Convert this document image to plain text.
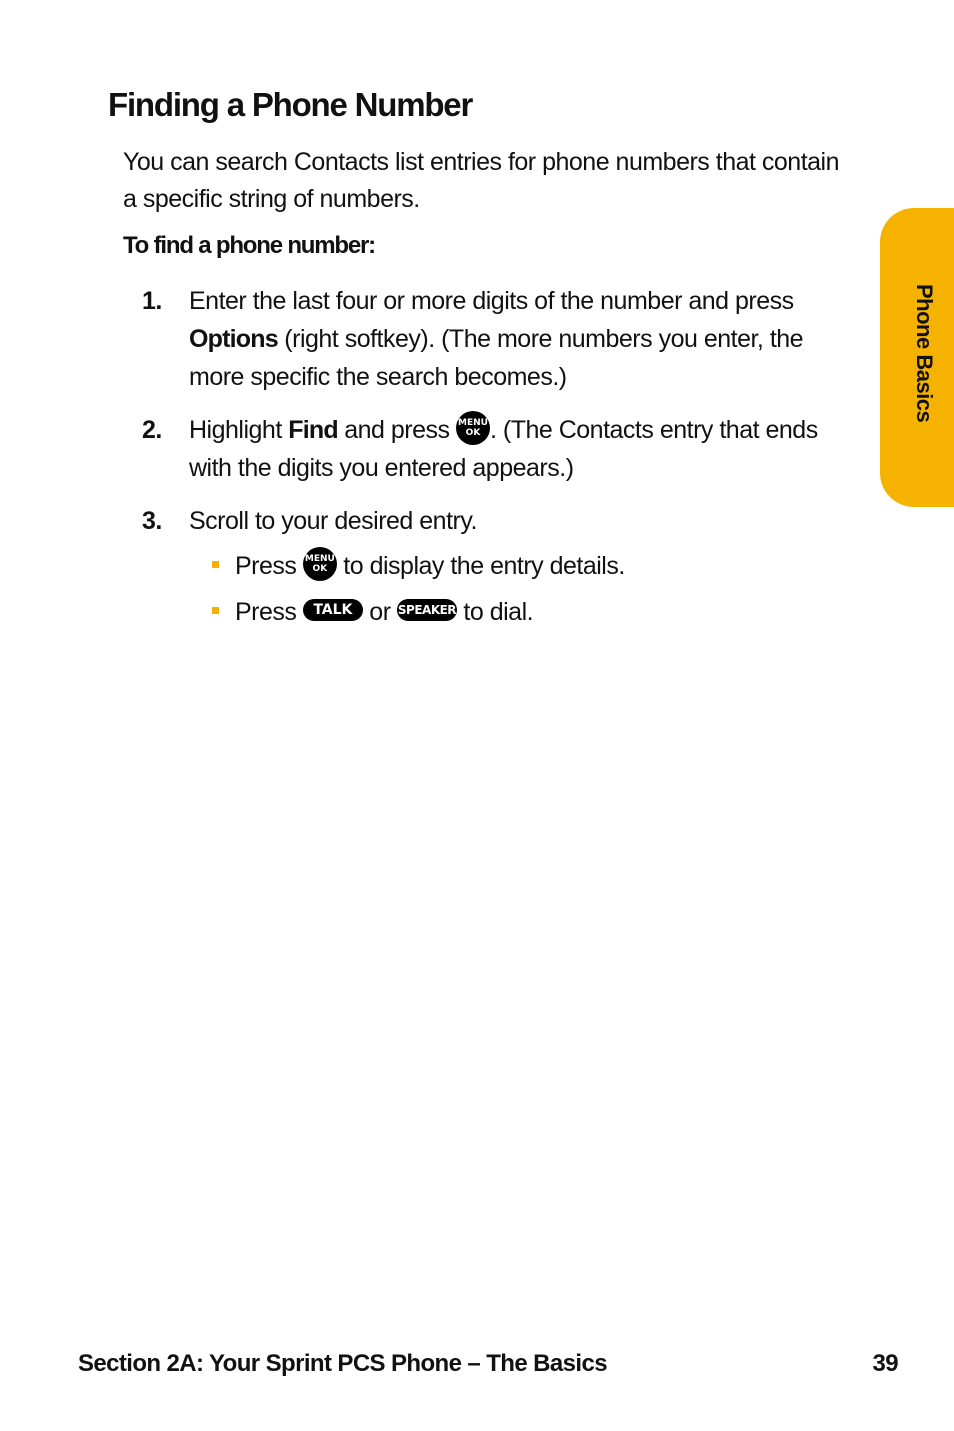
Finding a Phone Number

You can search Contacts list entries for phone numbers that contain a specific string of numbers.

To find a phone number:

1. Enter the last four or more digits of the number and press Options (right softkey). (The more numbers you enter, the more specific the search becomes.)
2. Highlight Find and press MENU
OK . (The Contacts entry that ends with the digits you entered appears.)
3. Scroll to your desired entry.
Press MENU
OK to display the entry details.
Press TALK or SPEAKER to dial.
Phone Basics
Section 2A: Your Sprint PCS Phone – The Basics	39
